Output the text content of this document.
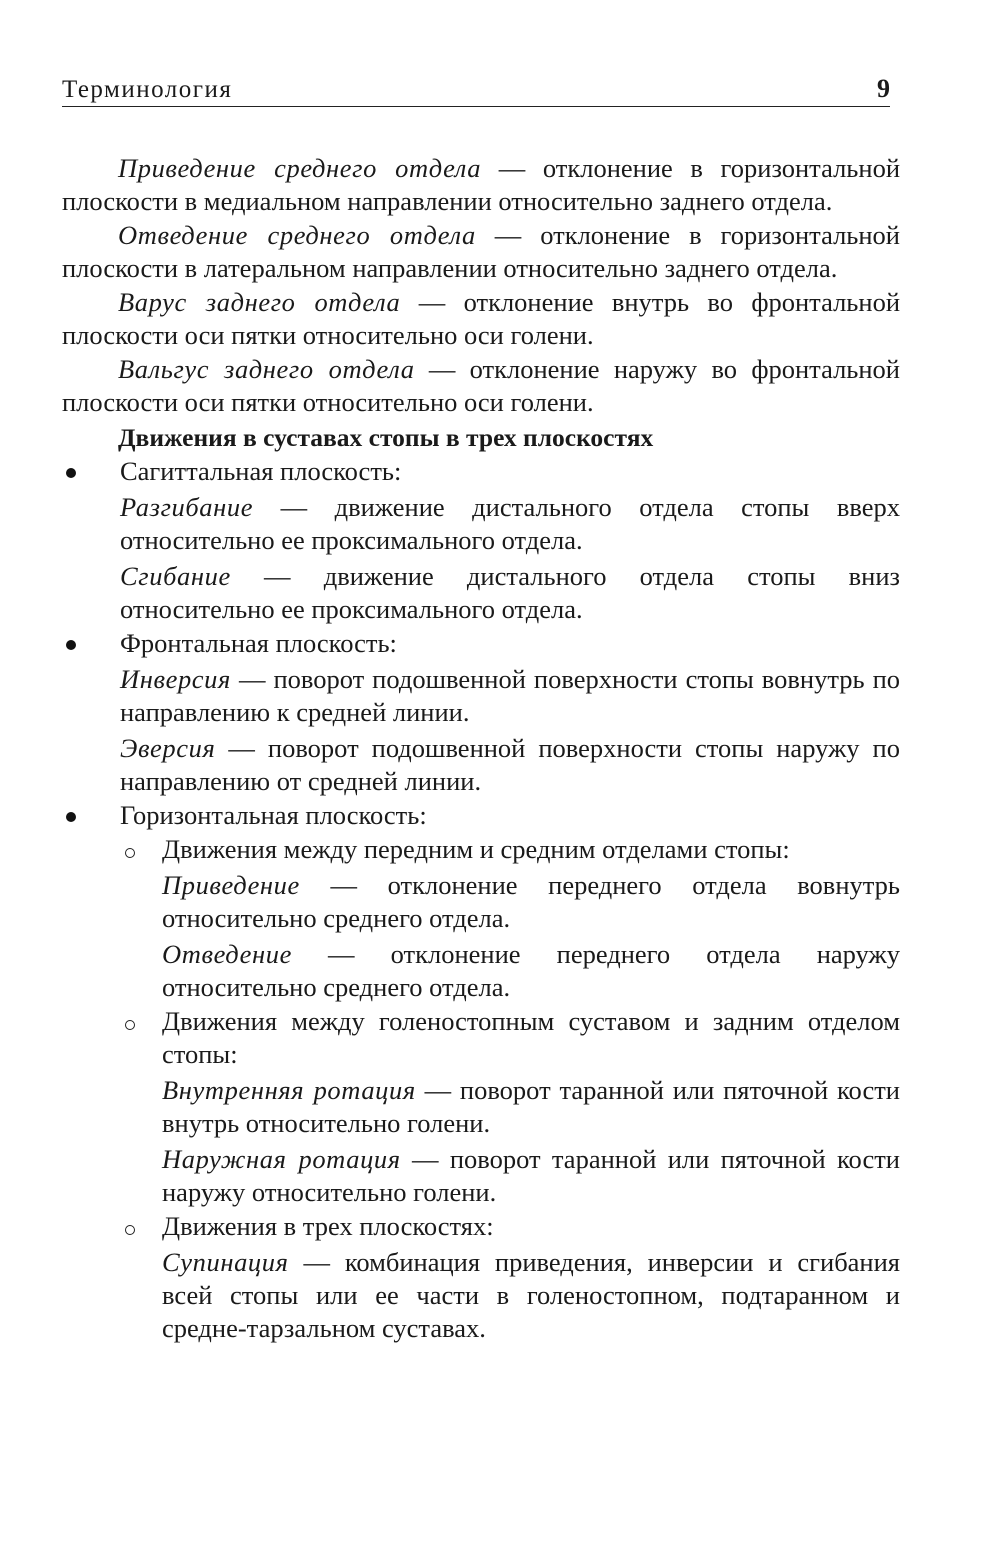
Терминология	9

Приведение среднего отдела — отклонение в горизонтальной плоскости в медиальном направлении относительно заднего отдела.

Отведение среднего отдела — отклонение в горизонтальной плоскости в латеральном направлении относительно заднего отдела.

Варус заднего отдела — отклонение внутрь во фронтальной плоскости оси пятки относительно оси голени.

Вальгус заднего отдела — отклонение наружу во фронтальной плоскости оси пятки относительно оси голени.

Движения в суставах стопы в трех плоскостях

Сагиттальная плоскость:

Разгибание — движение дистального отдела стопы вверх относительно ее проксимального отдела.

Сгибание — движение дистального отдела стопы вниз относительно ее проксимального отдела.

Фронтальная плоскость:

Инверсия — поворот подошвенной поверхности стопы вовнутрь по направлению к средней линии.

Эверсия — поворот подошвенной поверхности стопы наружу по направлению от средней линии.

Горизонтальная плоскость:

Движения между передним и средним отделами стопы:

Приведение — отклонение переднего отдела вовнутрь относительно среднего отдела.

Отведение — отклонение переднего отдела наружу относительно среднего отдела.

Движения между голеностопным суставом и задним отделом стопы:

Внутренняя ротация — поворот таранной или пяточной кости внутрь относительно голени.

Наружная ротация — поворот таранной или пяточной кости наружу относительно голени.

Движения в трех плоскостях:

Супинация — комбинация приведения, инверсии и сгибания всей стопы или ее части в голеностопном, подтаранном и средне-тарзальном суставах.
